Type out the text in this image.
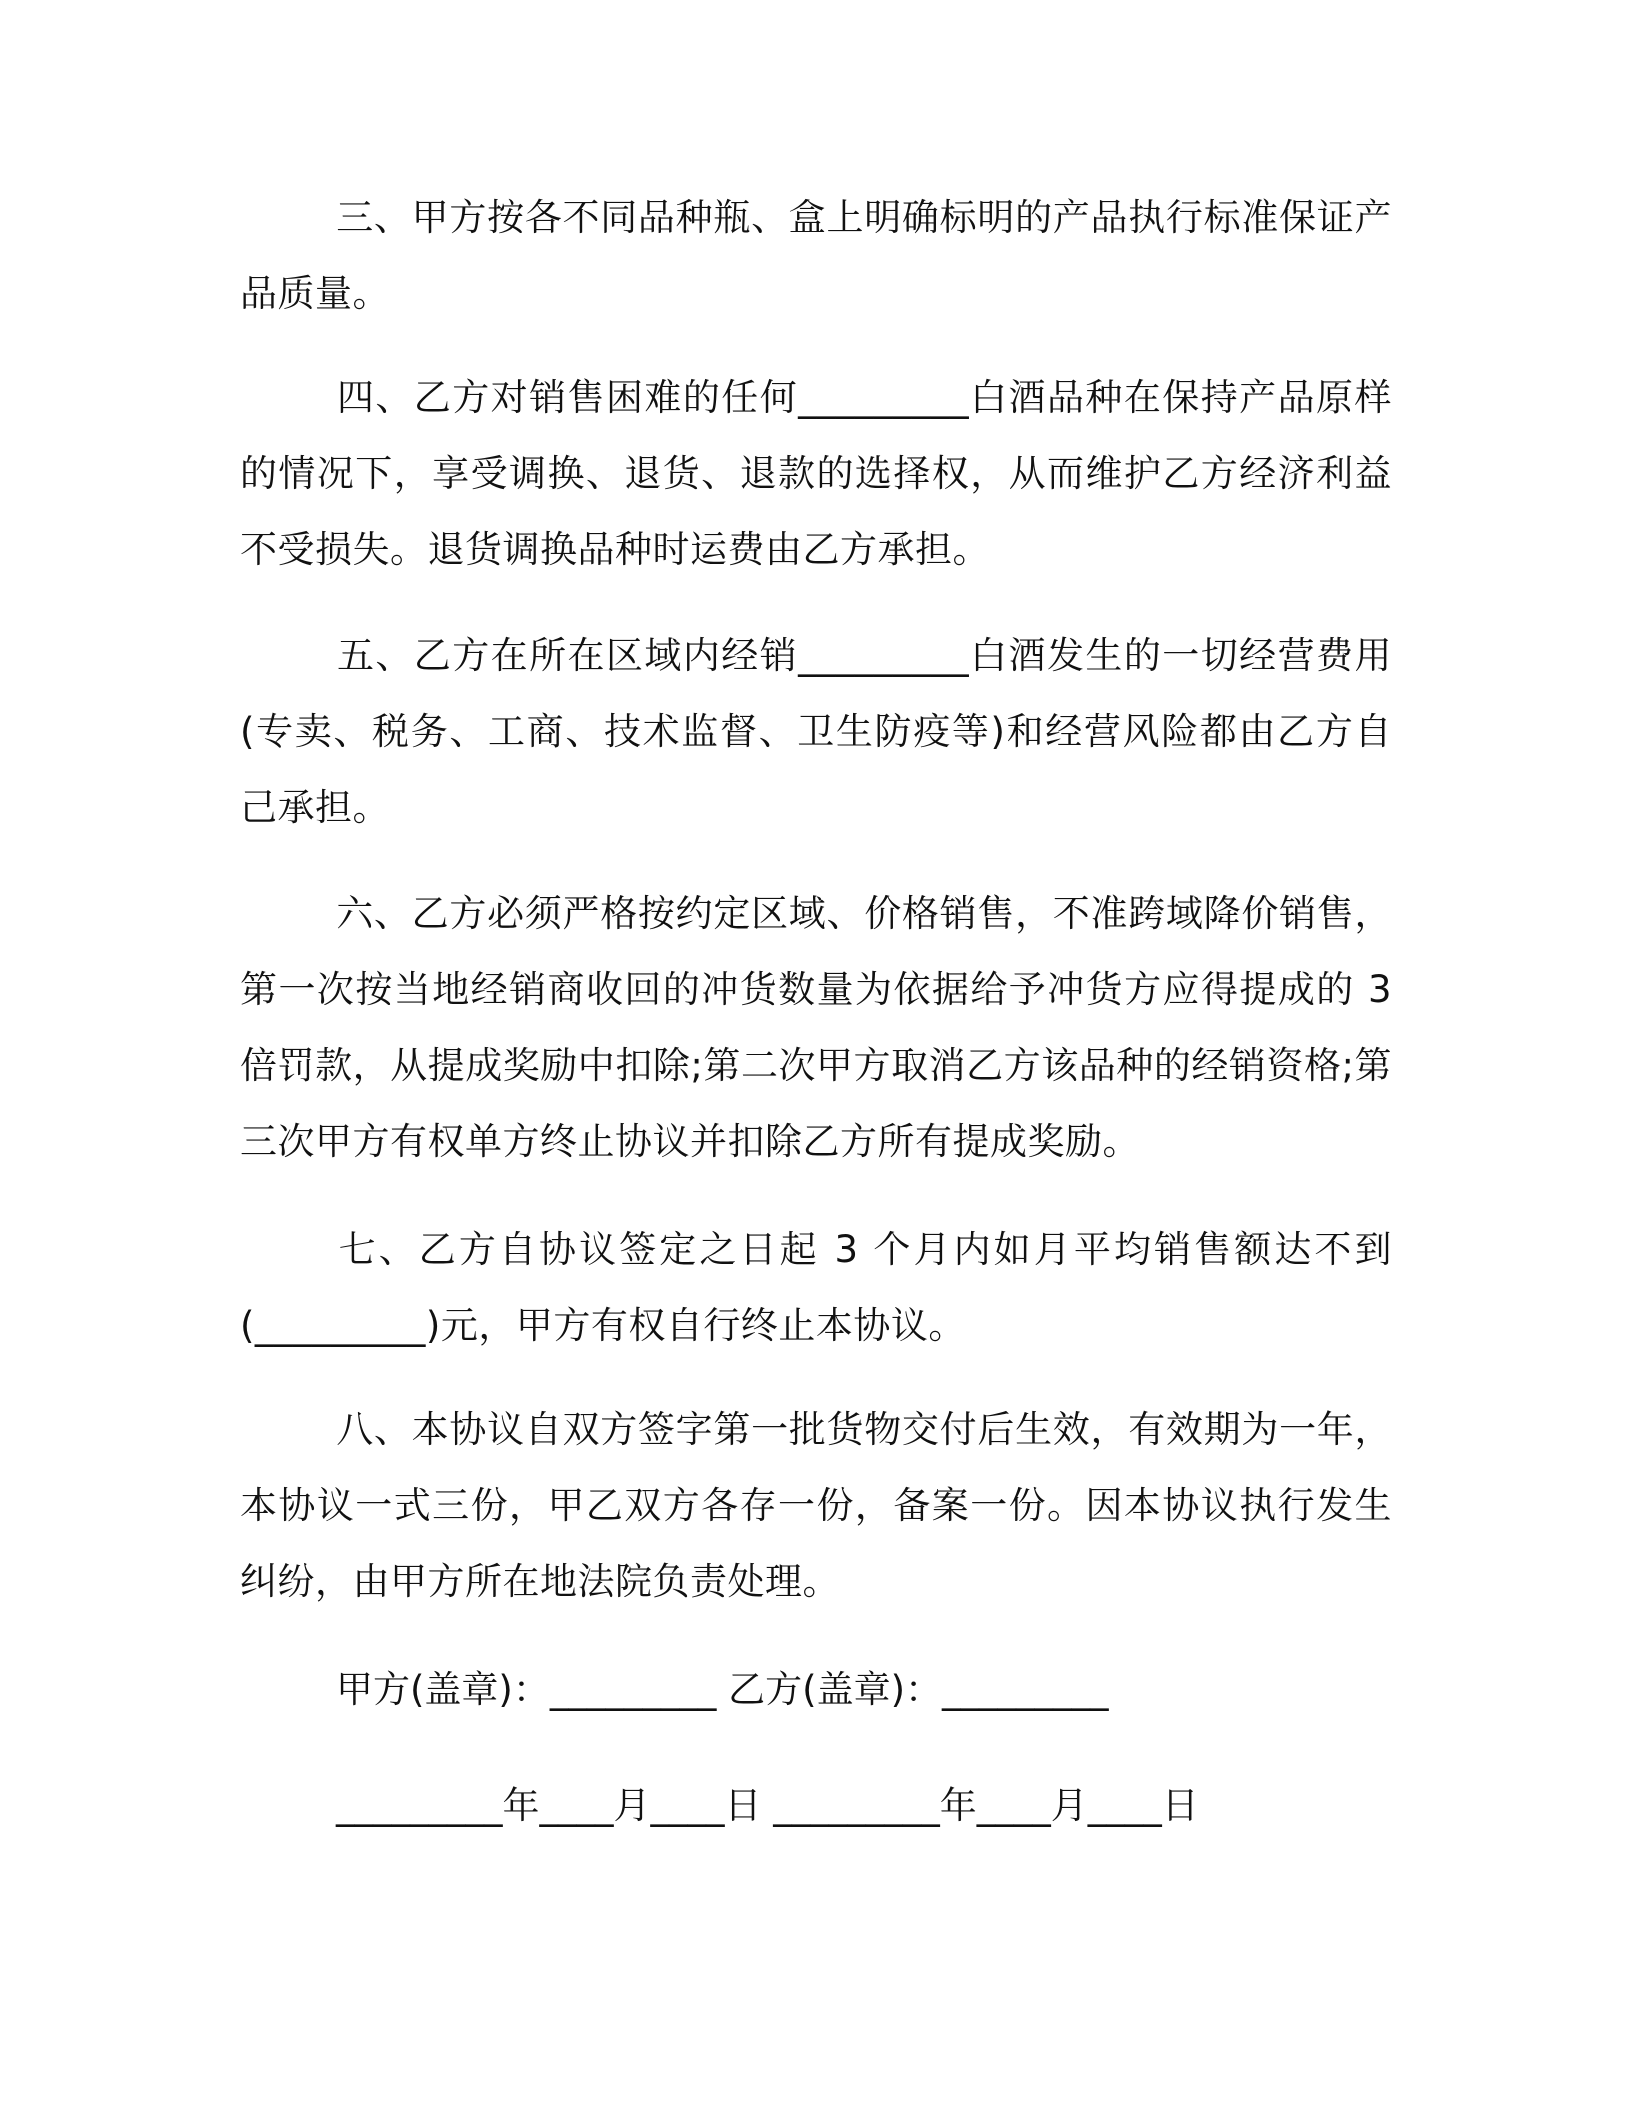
三、甲方按各不同品种瓶、盒上明确标明的产品执行标准保证产品质量。

四、乙方对销售困难的任何_________白酒品种在保持产品原样的情况下，享受调换、退货、退款的选择权，从而维护乙方经济利益不受损失。退货调换品种时运费由乙方承担。

五、乙方在所在区域内经销_________白酒发生的一切经营费用(专卖、税务、工商、技术监督、卫生防疫等)和经营风险都由乙方自己承担。

六、乙方必须严格按约定区域、价格销售，不准跨域降价销售，第一次按当地经销商收回的冲货数量为依据给予冲货方应得提成的 3 倍罚款，从提成奖励中扣除;第二次甲方取消乙方该品种的经销资格;第三次甲方有权单方终止协议并扣除乙方所有提成奖励。

七、乙方自协议签定之日起 3 个月内如月平均销售额达不到(_________)元，甲方有权自行终止本协议。

八、本协议自双方签字第一批货物交付后生效，有效期为一年，本协议一式三份，甲乙双方各存一份，备案一份。因本协议执行发生纠纷，由甲方所在地法院负责处理。

甲方(盖章)：_________ 乙方(盖章)：_________

_________年____月____日 _________年____月____日
